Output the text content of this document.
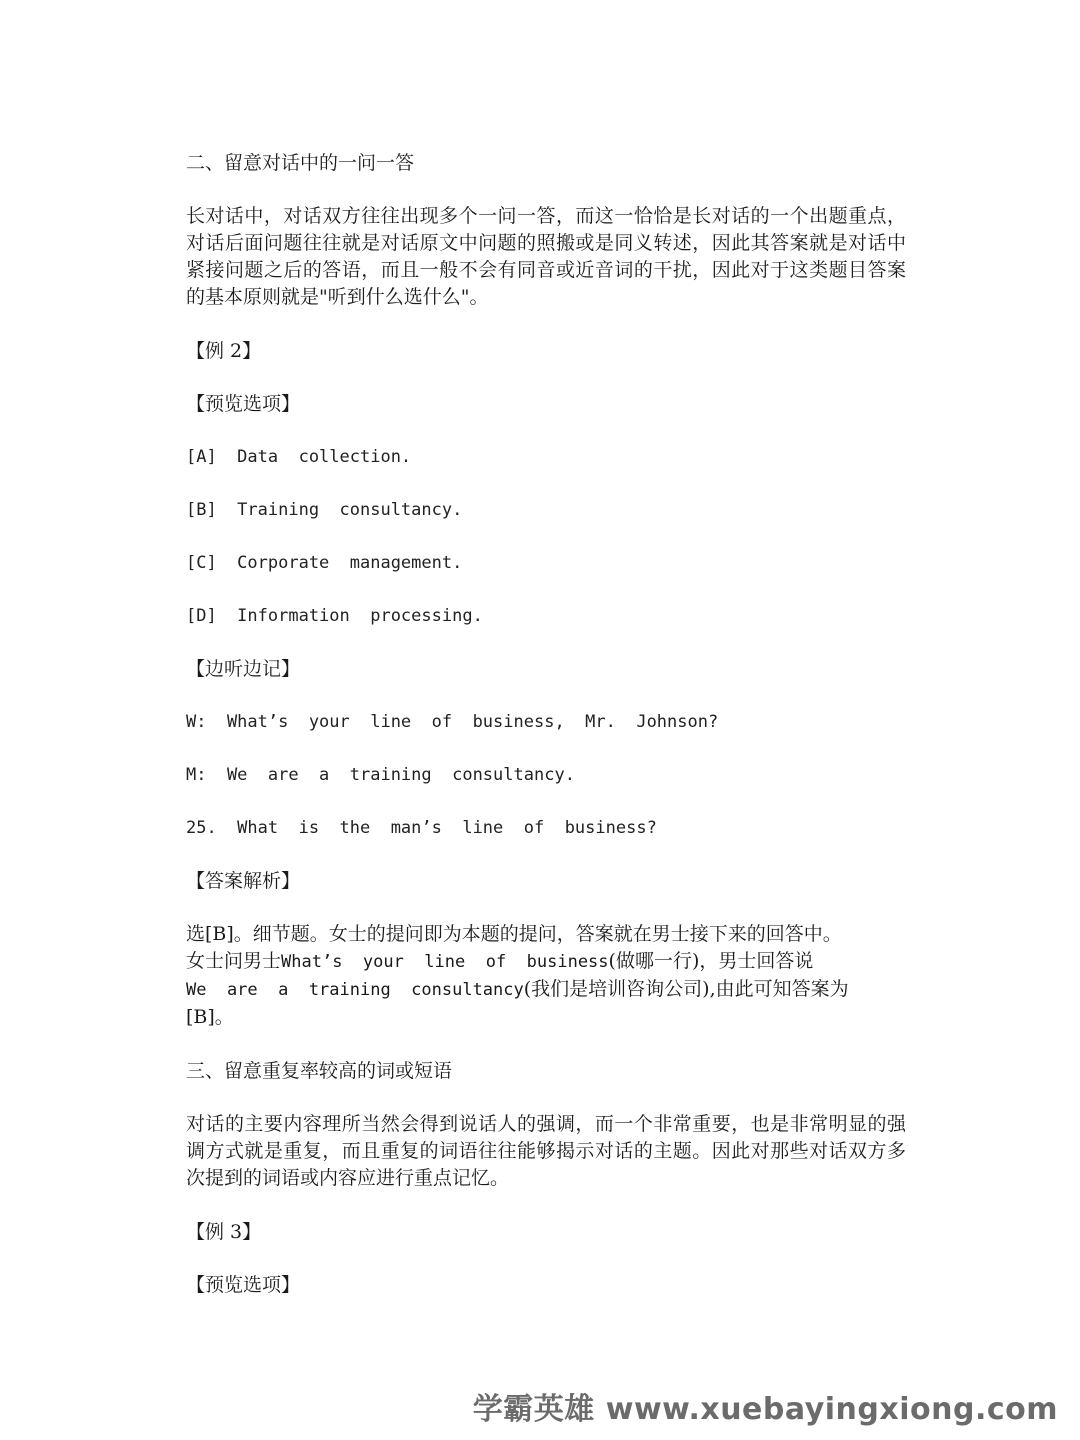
二、留意对话中的一问一答

长对话中，对话双方往往出现多个一问一答，而这一恰恰是长对话的一个出题重点，对话后面问题往往就是对话原文中问题的照搬或是同义转述，因此其答案就是对话中紧接问题之后的答语，而且一般不会有同音或近音词的干扰，因此对于这类题目答案的基本原则就是"听到什么选什么"。

【例 2】

【预览选项】

[A]  Data  collection.

[B]  Training  consultancy.

[C]  Corporate  management.

[D]  Information  processing.

【边听边记】

W:  What’s  your  line  of  business,  Mr.  Johnson?

M:  We  are  a  training  consultancy.

25.  What  is  the  man’s  line  of  business?

【答案解析】

选[B]。细节题。女士的提问即为本题的提问，答案就在男士接下来的回答中。
女士问男士What’s  your  line  of  business(做哪一行)，男士回答说
We  are  a  training  consultancy(我们是培训咨询公司),由此可知答案为
[B]。

三、留意重复率较高的词或短语

对话的主要内容理所当然会得到说话人的强调，而一个非常重要，也是非常明显的强调方式就是重复，而且重复的词语往往能够揭示对话的主题。因此对那些对话双方多次提到的词语或内容应进行重点记忆。

【例 3】

【预览选项】

学霸英雄 www.xuebayingxiong.com
